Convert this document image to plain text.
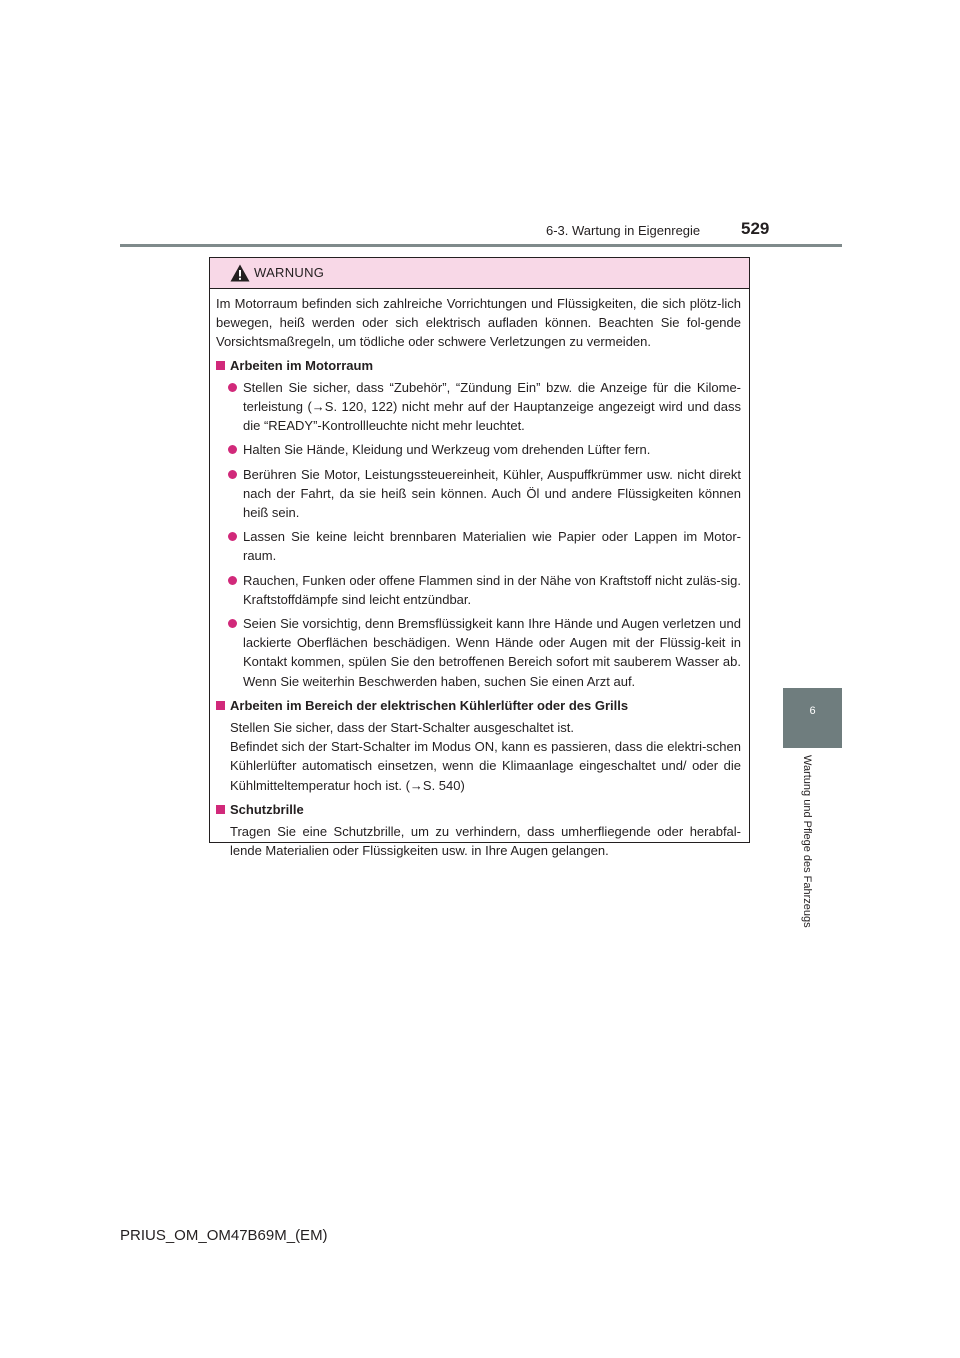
6-3. Wartung in Eigenregie 529
6
Wartung und Pflege des Fahrzeugs
WARNUNG

Im Motorraum befinden sich zahlreiche Vorrichtungen und Flüssigkeiten, die sich plötz-lich bewegen, heiß werden oder sich elektrisch aufladen können. Beachten Sie fol-gende Vorsichtsmaßregeln, um tödliche oder schwere Verletzungen zu vermeiden.

Arbeiten im Motorraum
Stellen Sie sicher, dass “Zubehör”, “Zündung Ein” bzw. die Anzeige für die Kilome-terleistung (→S. 120, 122) nicht mehr auf der Hauptanzeige angezeigt wird und dass die “READY”-Kontrollleuchte nicht mehr leuchtet.
Halten Sie Hände, Kleidung und Werkzeug vom drehenden Lüfter fern.
Berühren Sie Motor, Leistungssteuereinheit, Kühler, Auspuffkrümmer usw. nicht direkt nach der Fahrt, da sie heiß sein können. Auch Öl und andere Flüssigkeiten können heiß sein.
Lassen Sie keine leicht brennbaren Materialien wie Papier oder Lappen im Motor-raum.
Rauchen, Funken oder offene Flammen sind in der Nähe von Kraftstoff nicht zuläs-sig. Kraftstoffdämpfe sind leicht entzündbar.
Seien Sie vorsichtig, denn Bremsflüssigkeit kann Ihre Hände und Augen verletzen und lackierte Oberflächen beschädigen. Wenn Hände oder Augen mit der Flüssig-keit in Kontakt kommen, spülen Sie den betroffenen Bereich sofort mit sauberem Wasser ab. Wenn Sie weiterhin Beschwerden haben, suchen Sie einen Arzt auf.
Arbeiten im Bereich der elektrischen Kühlerlüfter oder des Grills
Stellen Sie sicher, dass der Start-Schalter ausgeschaltet ist.
Befindet sich der Start-Schalter im Modus ON, kann es passieren, dass die elektri-schen Kühlerlüfter automatisch einsetzen, wenn die Klimaanlage eingeschaltet und/ oder die Kühlmitteltemperatur hoch ist. (→S. 540)
Schutzbrille
Tragen Sie eine Schutzbrille, um zu verhindern, dass umherfliegende oder herabfal-lende Materialien oder Flüssigkeiten usw. in Ihre Augen gelangen.
PRIUS_OM_OM47B69M_(EM)
